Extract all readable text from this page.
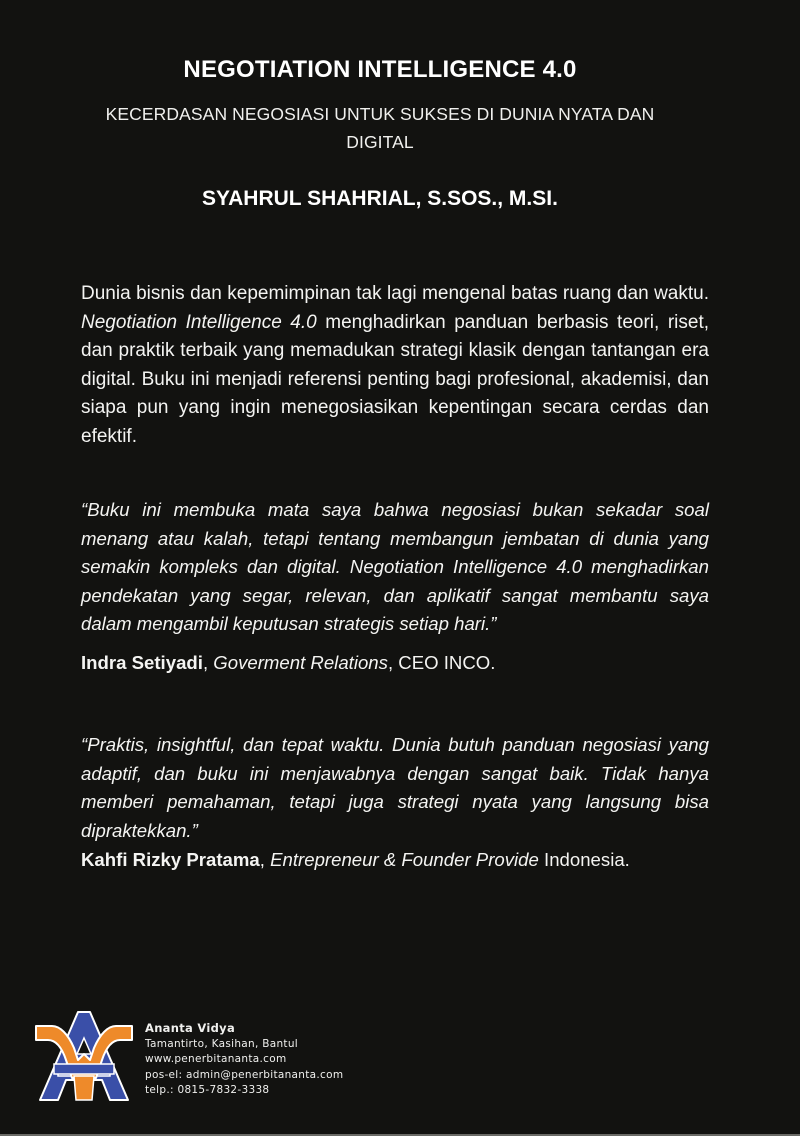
NEGOTIATION INTELLIGENCE 4.0
KECERDASAN NEGOSIASI UNTUK SUKSES DI DUNIA NYATA DAN DIGITAL
SYAHRUL SHAHRIAL, S.SOS., M.SI.

Dunia bisnis dan kepemimpinan tak lagi mengenal batas ruang dan waktu. Negotiation Intelligence 4.0 menghadirkan panduan berbasis teori, riset, dan praktik terbaik yang memadukan strategi klasik dengan tantangan era digital. Buku ini menjadi referensi penting bagi profesional, akademisi, dan siapa pun yang ingin menegosiasikan kepentingan secara cerdas dan efektif.

“Buku ini membuka mata saya bahwa negosiasi bukan sekadar soal menang atau kalah, tetapi tentang membangun jembatan di dunia yang semakin kompleks dan digital. Negotiation Intelligence 4.0 menghadirkan pendekatan yang segar, relevan, dan aplikatif sangat membantu saya dalam mengambil keputusan strategis setiap hari.”

Indra Setiyadi, Goverment Relations, CEO INCO.

“Praktis, insightful, dan tepat waktu. Dunia butuh panduan negosiasi yang adaptif, dan buku ini menjawabnya dengan sangat baik. Tidak hanya memberi pemahaman, tetapi juga strategi nyata yang langsung bisa dipraktekkan.”

Kahfi Rizky Pratama, Entrepreneur & Founder Provide Indonesia.

Ananta Vidya
Tamantirto, Kasihan, Bantul
www.penerbitananta.com
pos-el: admin@penerbitananta.com
telp.: 0815-7832-3338
